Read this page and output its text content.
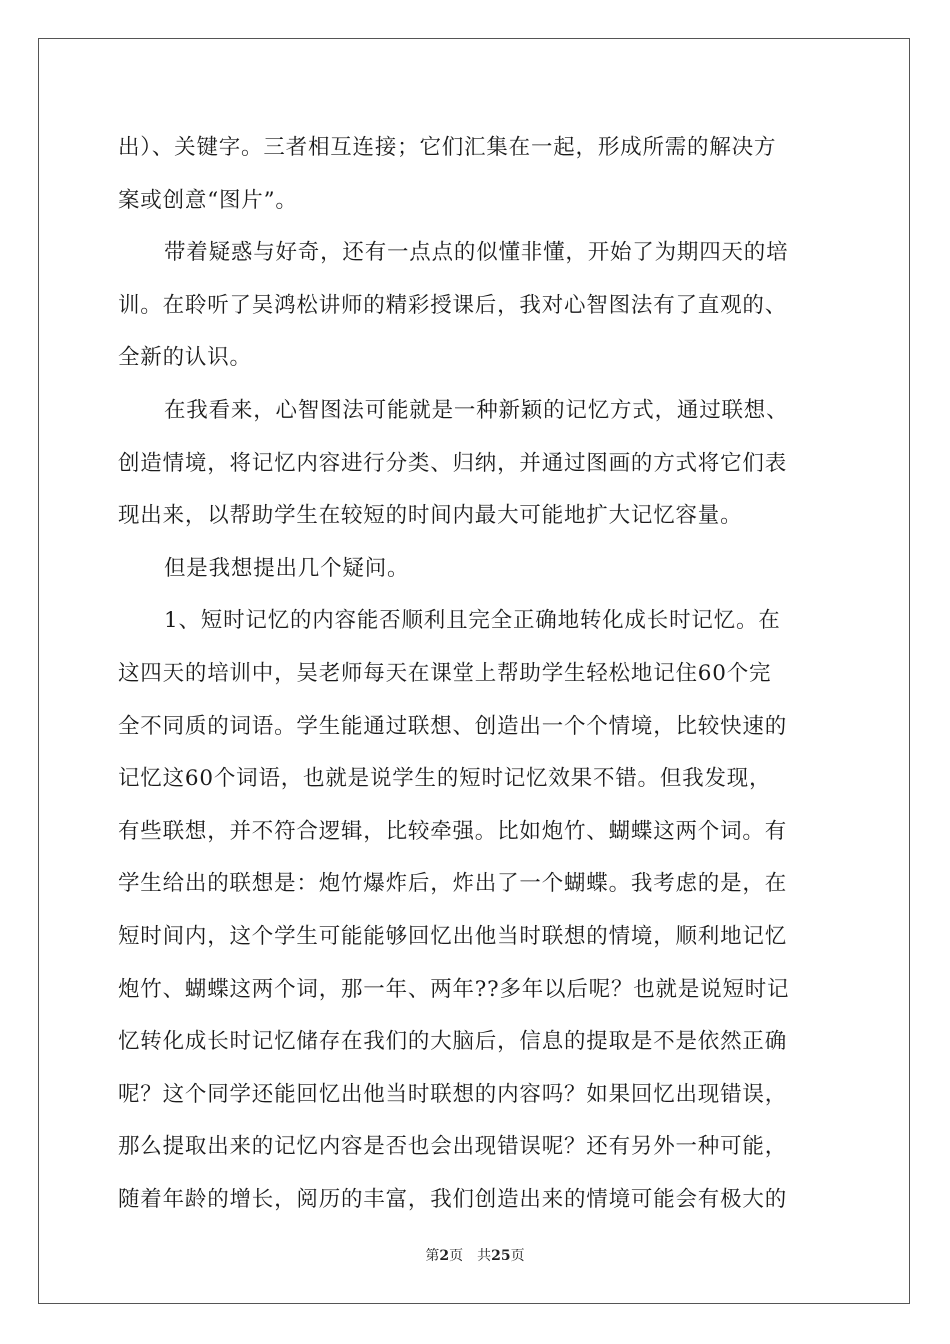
出）、关键字。三者相互连接；它们汇集在一起，形成所需的解决方
案或创意“图片”。
带着疑惑与好奇，还有一点点的似懂非懂，开始了为期四天的培
训。在聆听了吴鸿松讲师的精彩授课后，我对心智图法有了直观的、
全新的认识。
在我看来，心智图法可能就是一种新颖的记忆方式，通过联想、
创造情境，将记忆内容进行分类、归纳，并通过图画的方式将它们表
现出来，以帮助学生在较短的时间内最大可能地扩大记忆容量。
但是我想提出几个疑问。
1、短时记忆的内容能否顺利且完全正确地转化成长时记忆。在
这四天的培训中，吴老师每天在课堂上帮助学生轻松地记住60个完
全不同质的词语。学生能通过联想、创造出一个个情境，比较快速的
记忆这60个词语，也就是说学生的短时记忆效果不错。但我发现，
有些联想，并不符合逻辑，比较牵强。比如炮竹、蝴蝶这两个词。有
学生给出的联想是：炮竹爆炸后，炸出了一个蝴蝶。我考虑的是，在
短时间内，这个学生可能能够回忆出他当时联想的情境，顺利地记忆
炮竹、蝴蝶这两个词，那一年、两年??多年以后呢？也就是说短时记
忆转化成长时记忆储存在我们的大脑后，信息的提取是不是依然正确
呢？这个同学还能回忆出他当时联想的内容吗？如果回忆出现错误，
那么提取出来的记忆内容是否也会出现错误呢？还有另外一种可能，
随着年龄的增长，阅历的丰富，我们创造出来的情境可能会有极大的
第2页　共25页
